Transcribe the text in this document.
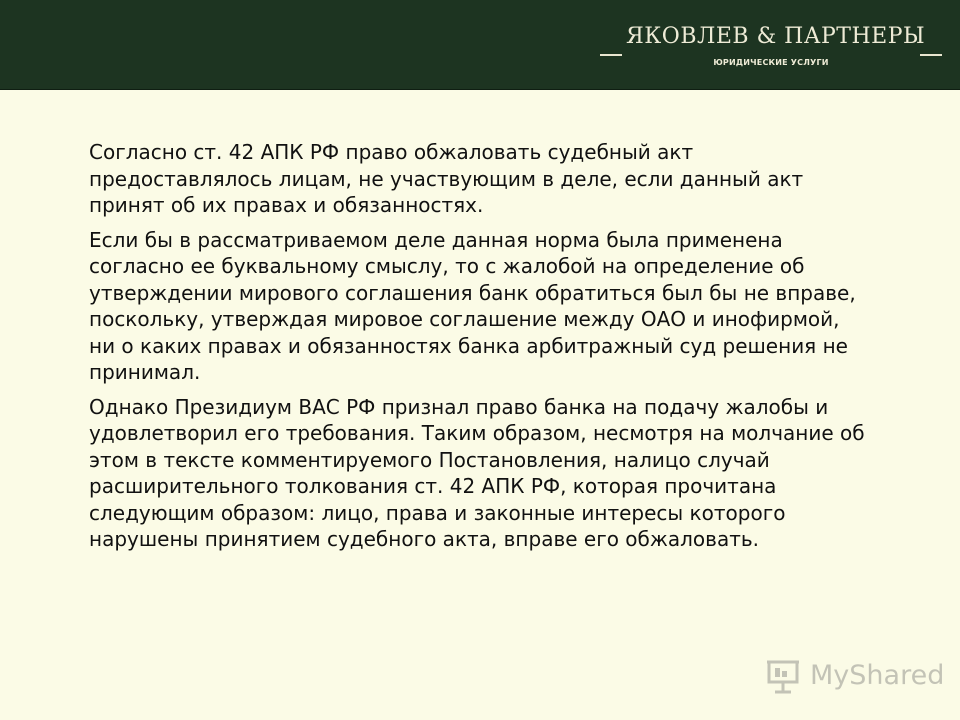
ЯКОВЛЕВ & ПАРТНЕРЫ
ЮРИДИЧЕСКИЕ УСЛУГИ

Согласно ст. 42 АПК РФ право обжаловать судебный акт предоставлялось лицам, не участвующим в деле, если данный акт принят об их правах и обязанностях.

Если бы в рассматриваемом деле данная норма была применена согласно ее буквальному смыслу, то с жалобой на определение об утверждении мирового соглашения банк обратиться был бы не вправе, поскольку, утверждая мировое соглашение между ОАО и инофирмой, ни о каких правах и обязанностях банка арбитражный суд решения не принимал.

Однако Президиум ВАС РФ признал право банка на подачу жалобы и удовлетворил его требования. Таким образом, несмотря на молчание об этом в тексте комментируемого Постановления, налицо случай расширительного толкования ст. 42 АПК РФ, которая прочитана следующим образом: лицо, права и законные интересы которого нарушены принятием судебного акта, вправе его обжаловать.

MyShared
